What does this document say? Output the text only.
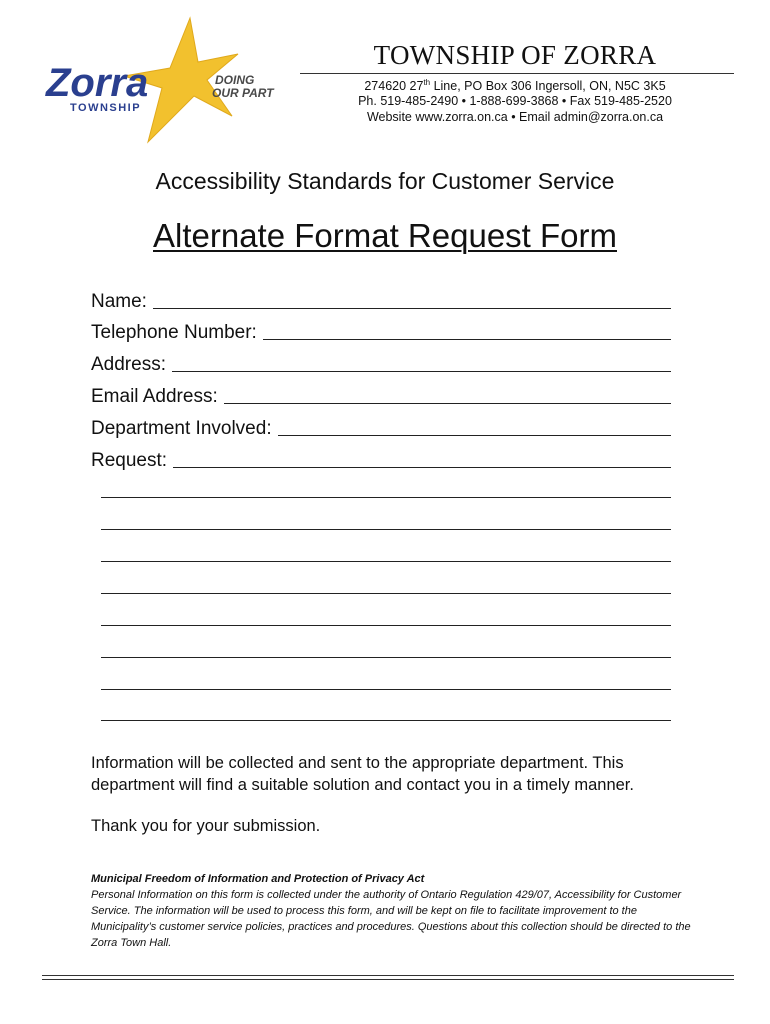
Zorra
TOWNSHIP
DOING
OUR PART
TOWNSHIP OF ZORRA
274620 27th Line, PO Box 306 Ingersoll, ON, N5C 3K5
Ph. 519-485-2490 • 1-888-699-3868 • Fax 519-485-2520
Website www.zorra.on.ca • Email admin@zorra.on.ca
Accessibility Standards for Customer Service
Alternate Format Request Form
Name:
Telephone Number:
Address:
Email Address:
Department Involved:
Request:
Information will be collected and sent to the appropriate department. This department will find a suitable solution and contact you in a timely manner.
Thank you for your submission.
Municipal Freedom of Information and Protection of Privacy Act
Personal Information on this form is collected under the authority of Ontario Regulation 429/07, Accessibility for Customer Service. The information will be used to process this form, and will be kept on file to facilitate improvement to the Municipality’s customer service policies, practices and procedures. Questions about this collection should be directed to the Zorra Town Hall.
